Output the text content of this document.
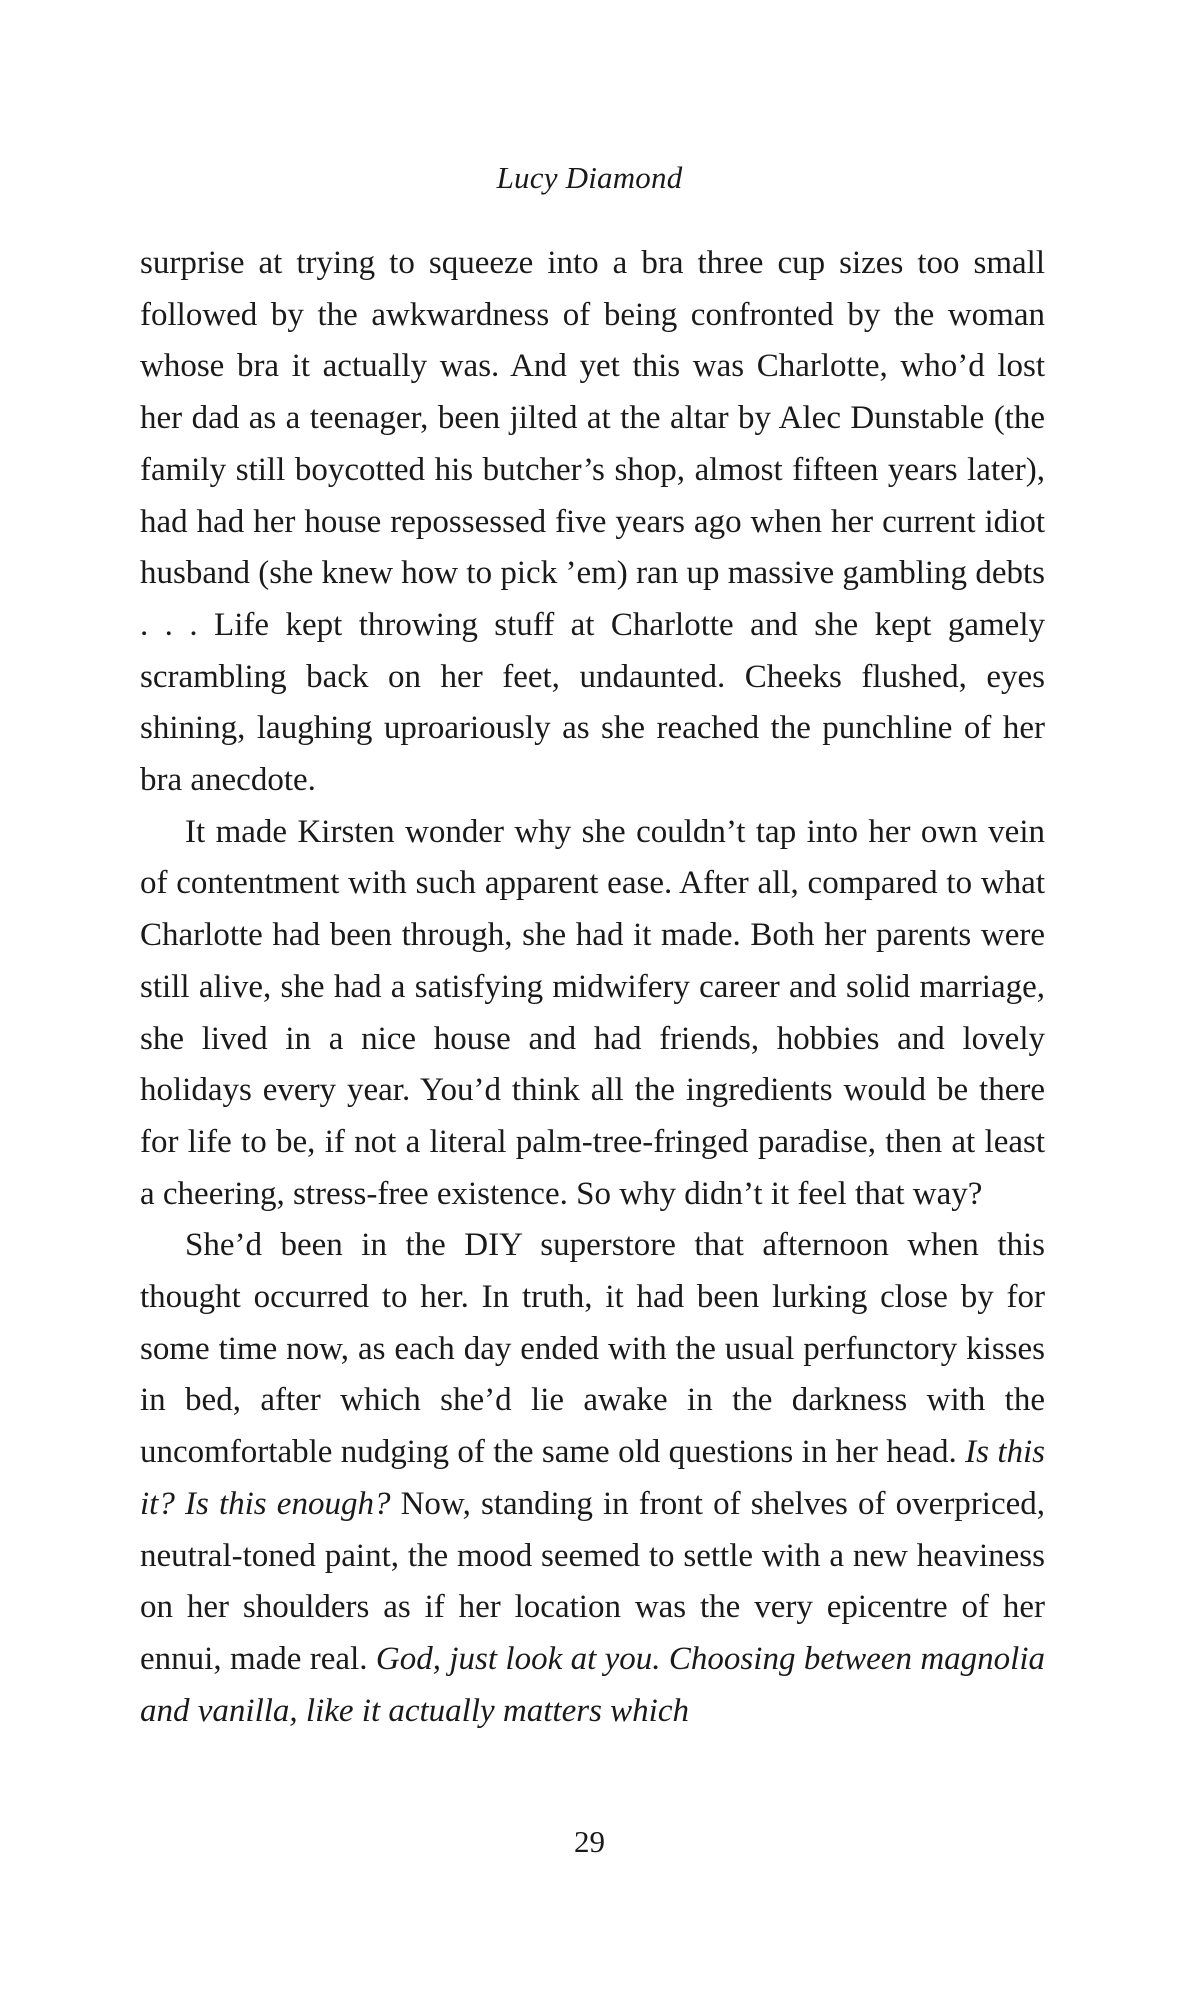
Lucy Diamond

surprise at trying to squeeze into a bra three cup sizes too small followed by the awkwardness of being confronted by the woman whose bra it actually was. And yet this was Charlotte, who’d lost her dad as a teenager, been jilted at the altar by Alec Dunstable (the family still boycotted his butcher’s shop, almost fifteen years later), had had her house repossessed five years ago when her current idiot husband (she knew how to pick ’em) ran up massive gambling debts . . . Life kept throwing stuff at Charlotte and she kept gamely scrambling back on her feet, undaunted. Cheeks flushed, eyes shining, laughing uproariously as she reached the punchline of her bra anecdote.

It made Kirsten wonder why she couldn’t tap into her own vein of contentment with such apparent ease. After all, compared to what Charlotte had been through, she had it made. Both her parents were still alive, she had a satisfying midwifery career and solid marriage, she lived in a nice house and had friends, hobbies and lovely holidays every year. You’d think all the ingredients would be there for life to be, if not a literal palm-tree-fringed paradise, then at least a cheering, stress-free existence. So why didn’t it feel that way?

She’d been in the DIY superstore that afternoon when this thought occurred to her. In truth, it had been lurking close by for some time now, as each day ended with the usual perfunctory kisses in bed, after which she’d lie awake in the darkness with the uncomfortable nudging of the same old questions in her head. Is this it? Is this enough? Now, standing in front of shelves of overpriced, neutral-toned paint, the mood seemed to settle with a new heaviness on her shoulders as if her location was the very epicentre of her ennui, made real. God, just look at you. Choosing between magnolia and vanilla, like it actually matters which

29
